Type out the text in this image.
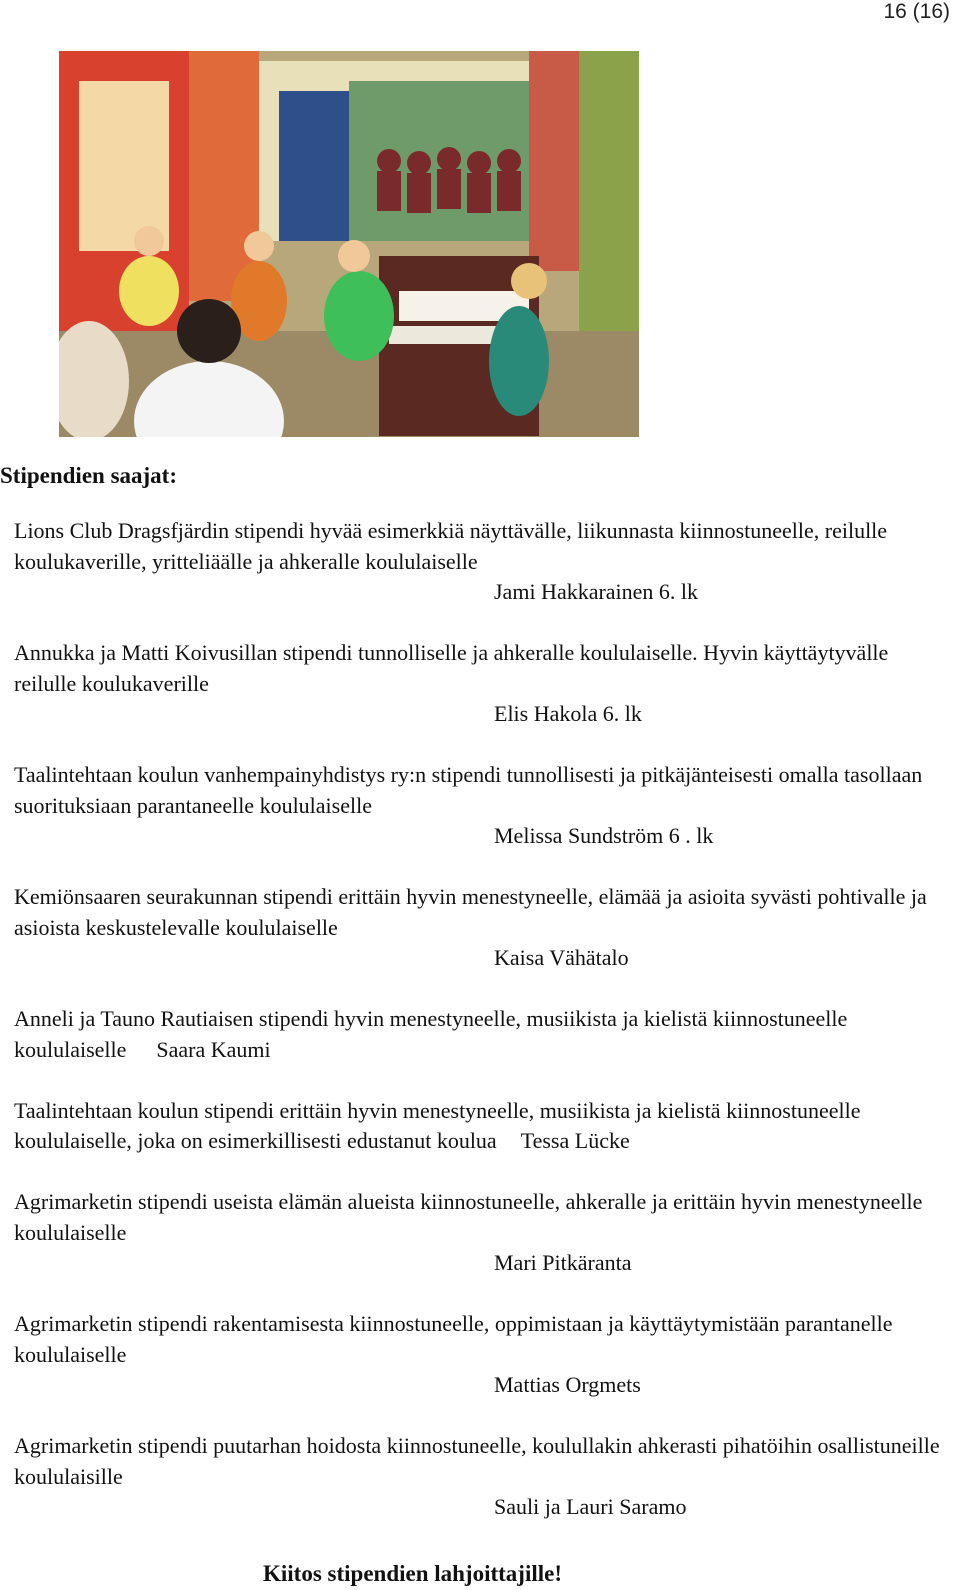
16 (16)
Stipendien saajat:
Lions Club Dragsfjärdin stipendi hyvää esimerkkiä näyttävälle, liikunnasta kiinnostuneelle, reilulle koulukaverille, yritteliäälle ja ahkeralle koululaiselle
Jami Hakkarainen 6. lk
Annukka ja Matti Koivusillan stipendi tunnolliselle ja ahkeralle koululaiselle. Hyvin käyttäytyvälle reilulle koulukaverille
Elis Hakola 6. lk
Taalintehtaan koulun vanhempainyhdistys ry:n stipendi tunnollisesti ja pitkäjänteisesti omalla tasollaan suorituksiaan parantaneelle koululaiselle
Melissa Sundström 6 . lk
Kemiönsaaren seurakunnan stipendi erittäin hyvin menestyneelle, elämää ja asioita syvästi pohtivalle ja asioista keskustelevalle koululaiselle
Kaisa Vähätalo
Anneli ja Tauno Rautiaisen stipendi hyvin menestyneelle, musiikista ja kielistä kiinnostuneelle koululaiselle Saara Kaumi
Taalintehtaan koulun stipendi erittäin hyvin menestyneelle, musiikista ja kielistä kiinnostuneelle koululaiselle, joka on esimerkillisesti edustanut koulua Tessa Lücke
Agrimarketin stipendi useista elämän alueista kiinnostuneelle, ahkeralle ja erittäin hyvin menestyneelle koululaiselle
Mari Pitkäranta
Agrimarketin stipendi rakentamisesta kiinnostuneelle, oppimistaan ja käyttäytymistään parantanelle koululaiselle
Mattias Orgmets
Agrimarketin stipendi puutarhan hoidosta kiinnostuneelle, koulullakin ahkerasti pihatöihin osallistuneille koululaisille
Sauli ja Lauri Saramo
Kiitos stipendien lahjoittajille!
